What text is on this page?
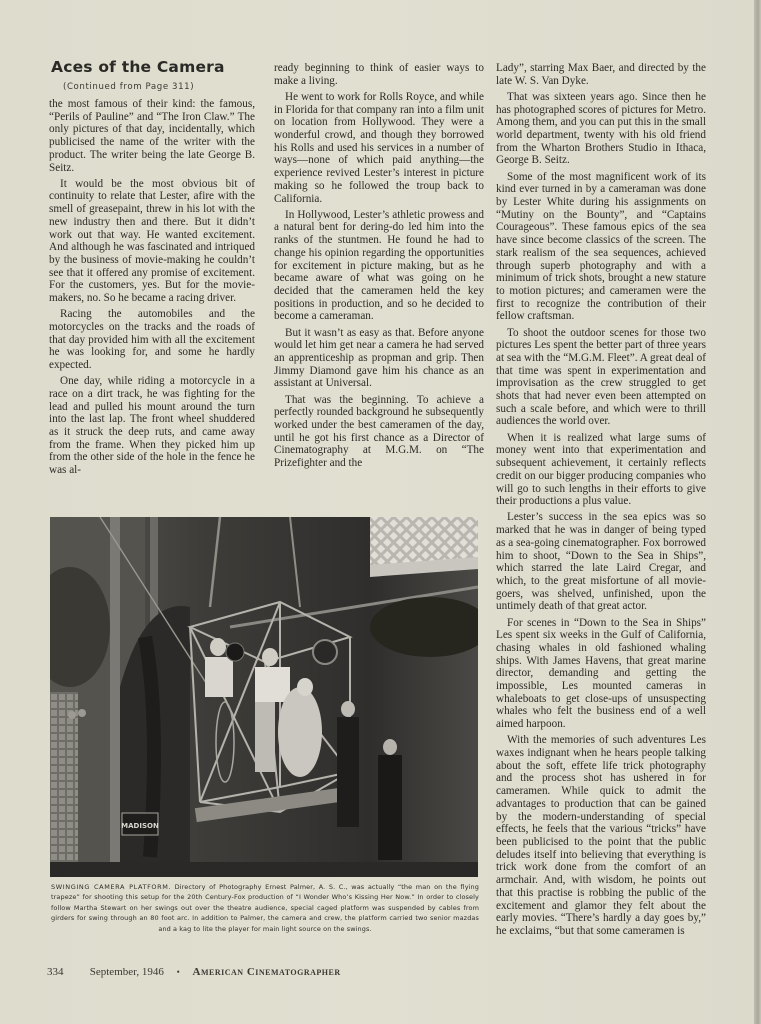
Aces of the Camera
(Continued from Page 311)

the most famous of their kind: the famous, “Perils of Pauline” and “The Iron Claw.” The only pictures of that day, incidentally, which publicised the name of the writer with the product. The writer being the late George B. Seitz.

It would be the most obvious bit of continuity to relate that Lester, afire with the smell of greasepaint, threw in his lot with the new industry then and there. But it didn’t work out that way. He wanted excitement. And although he was fascinated and intriqued by the business of movie-making he couldn’t see that it offered any promise of excitement. For the customers, yes. But for the movie-makers, no. So he became a racing driver.

Racing the automobiles and the motorcycles on the tracks and the roads of that day provided him with all the excitement he was looking for, and some he hardly expected.

One day, while riding a motorcycle in a race on a dirt track, he was fighting for the lead and pulled his mount around the turn into the last lap. The front wheel shuddered as it struck the deep ruts, and came away from the frame. When they picked him up from the other side of the hole in the fence he was al-

ready beginning to think of easier ways to make a living.

He went to work for Rolls Royce, and while in Florida for that company ran into a film unit on location from Hollywood. They were a wonderful crowd, and though they borrowed his Rolls and used his services in a number of ways—none of which paid anything—the experience revived Lester’s interest in picture making so he followed the troup back to California.

In Hollywood, Lester’s athletic prowess and a natural bent for dering-do led him into the ranks of the stuntmen. He found he had to change his opinion regarding the opportunities for excitement in picture making, but as he became aware of what was going on he decided that the cameramen held the key positions in production, and so he decided to become a cameraman.

But it wasn’t as easy as that. Before anyone would let him get near a camera he had served an apprenticeship as propman and grip. Then Jimmy Diamond gave him his chance as an assistant at Universal.

That was the beginning. To achieve a perfectly rounded background he subsequently worked under the best cameramen of the day, until he got his first chance as a Director of Cinematography at M.G.M. on “The Prizefighter and the

Lady”, starring Max Baer, and directed by the late W. S. Van Dyke.

That was sixteen years ago. Since then he has photographed scores of pictures for Metro. Among them, and you can put this in the small world department, twenty with his old friend from the Wharton Brothers Studio in Ithaca, George B. Seitz.

Some of the most magnificent work of its kind ever turned in by a cameraman was done by Lester White during his assignments on “Mutiny on the Bounty”, and “Captains Courageous”. These famous epics of the sea have since become classics of the screen. The stark realism of the sea sequences, achieved through superb photography and with a minimum of trick shots, brought a new stature to motion pictures; and cameramen were the first to recognize the contribution of their fellow craftsman.

To shoot the outdoor scenes for those two pictures Les spent the better part of three years at sea with the “M.G.M. Fleet”. A great deal of that time was spent in experimentation and improvisation as the crew struggled to get shots that had never even been attempted on such a scale before, and which were to thrill audiences the world over.

When it is realized what large sums of money went into that experimentation and subsequent achievement, it certainly reflects credit on our bigger producing companies who will go to such lengths in their efforts to give their productions a plus value.

Lester’s success in the sea epics was so marked that he was in danger of being typed as a sea-going cinematographer. Fox borrowed him to shoot, “Down to the Sea in Ships”, which starred the late Laird Cregar, and which, to the great misfortune of all movie-goers, was shelved, unfinished, upon the untimely death of that great actor.

For scenes in “Down to the Sea in Ships” Les spent six weeks in the Gulf of California, chasing whales in old fashioned whaling ships. With James Havens, that great marine director, demanding and getting the impossible, Les mounted cameras in whaleboats to get close-ups of unsuspecting whales who felt the business end of a well aimed harpoon.

With the memories of such adventures Les waxes indignant when he hears people talking about the soft, effete life trick photography and the process shot has ushered in for cameramen. While quick to admit the advantages to production that can be gained by the modern-understanding of special effects, he feels that the various “tricks” have been publicised to the point that the public deludes itself into believing that everything is trick work done from the comfort of an armchair. And, with wisdom, he points out that this practise is robbing the public of the excitement and glamor they felt about the early movies. “There’s hardly a day goes by,” he exclaims, “but that some cameramen is

MADISON
SWINGING CAMERA PLATFORM. Directory of Photography Ernest Palmer, A. S. C., was actually “the man on the flying trapeze” for shooting this setup for the 20th Century-Fox production of “I Wonder Who’s Kissing Her Now.” In order to closely follow Martha Stewart on her swings out over the theatre audience, special caged platform was suspended by cables from girders for swing through an 80 foot arc. In addition to Palmer, the camera and crew, the platform carried two senior mazdas and a kag to lite the player for main light source on the swings.
334 September, 1946 • American Cinematographer
